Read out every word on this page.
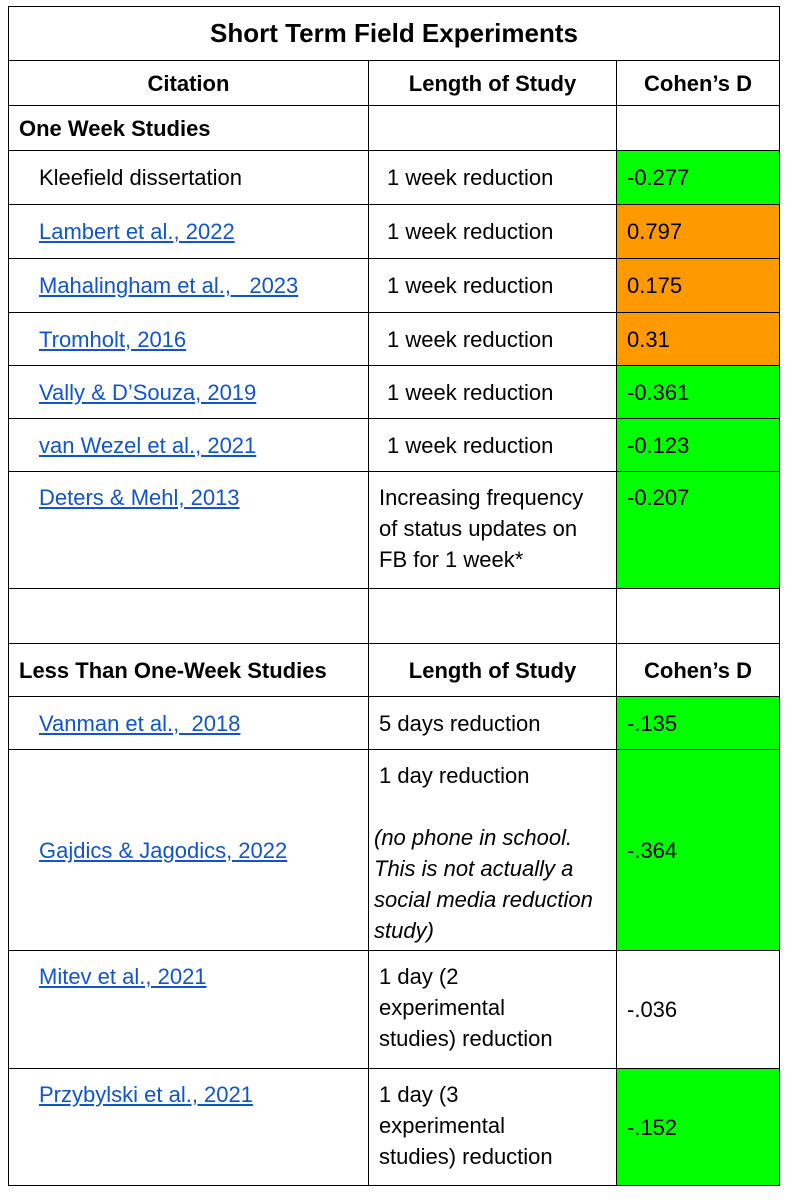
Short Term Field Experiments		
Citation	Length of Study	Cohen’s D
One Week Studies		
Kleefield dissertation	1 week reduction	-0.277
Lambert et al., 2022	1 week reduction	0.797
Mahalingham et al.,   2023	1 week reduction	0.175
Tromholt, 2016	1 week reduction	0.31
Vally & D’Souza, 2019	1 week reduction	-0.361
van Wezel et al., 2021	1 week reduction	-0.123
Deters & Mehl, 2013	Increasing frequency
of status updates on
FB for 1 week*	-0.207

Less Than One-Week Studies	Length of Study	Cohen’s D
Vanman et al.,  2018	5 days reduction	-.135
Gajdics & Jagodics, 2022	1 day reduction
(no phone in school.
This is not actually a
social media reduction
study)	-.364
Mitev et al., 2021	1 day (2
experimental
studies) reduction	-.036
Przybylski et al., 2021	1 day (3
experimental
studies) reduction	-.152
